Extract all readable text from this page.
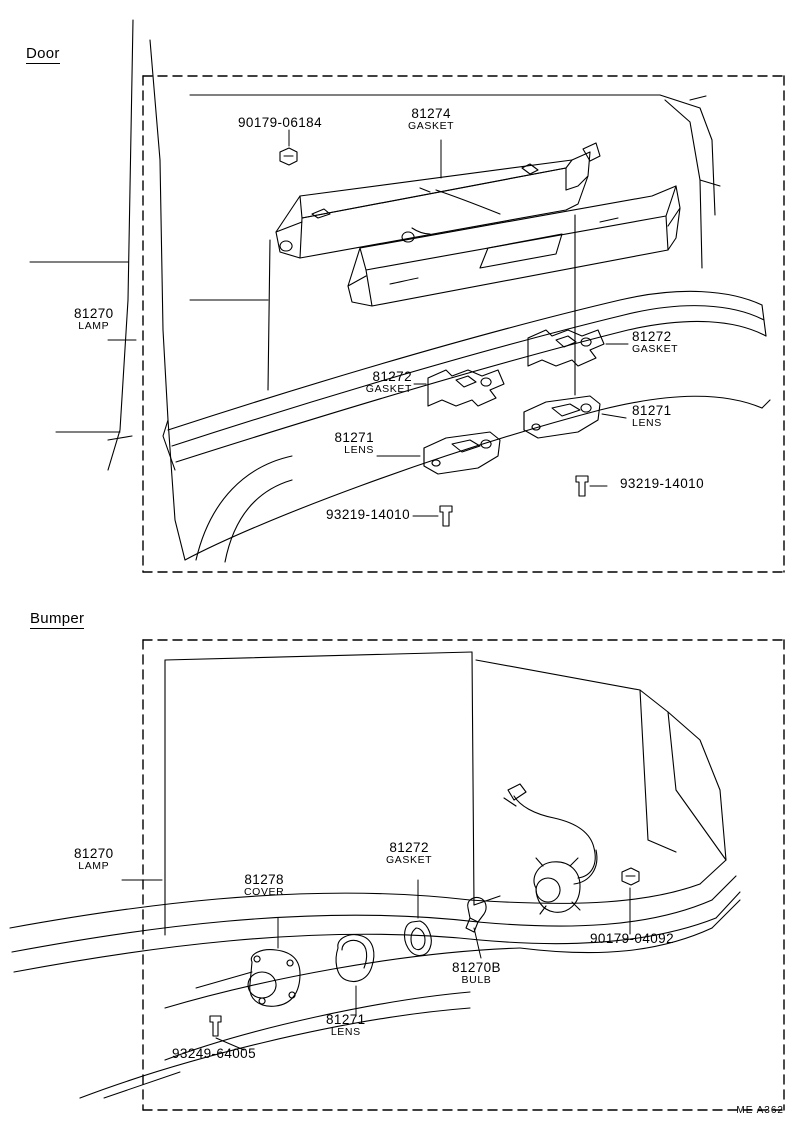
Door
Bumper
90179-06184
81274
GASKET
81270
LAMP
81272
GASKET
81272
GASKET
81271
LENS
81271
LENS
93219-14010
93219-14010
81270
LAMP
81278
COVER
81272
GASKET
81270B
BULB
81271
LENS
90179-04092
93249-64005
ME A362
